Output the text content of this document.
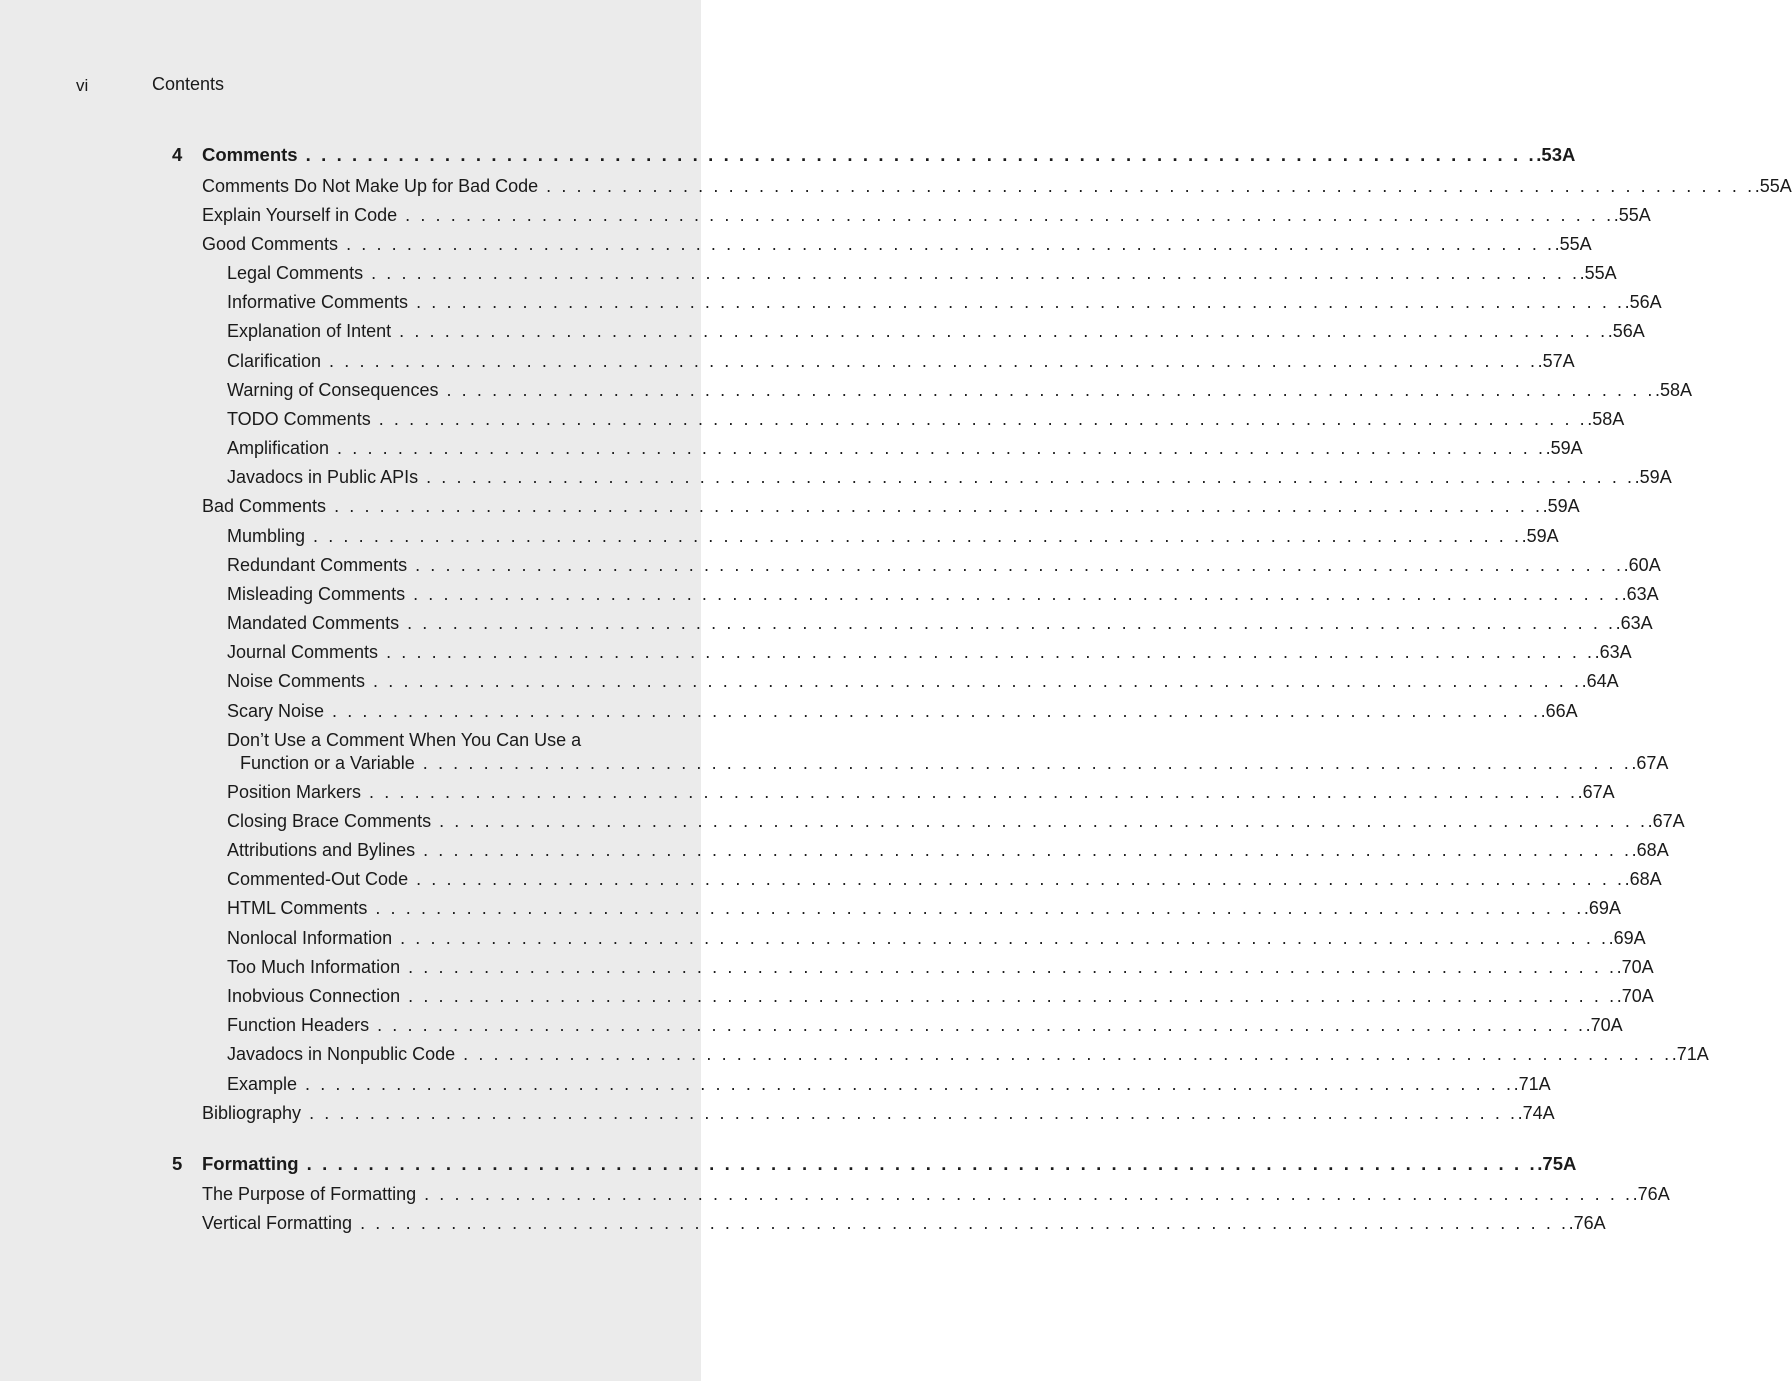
vi	Contents
4 Comments . . . . . . . . . . . . . . . . . . . . . . . . . . . . . . . . . . . . . . . . . . . . . . . . . . . . . . . . . . . . . . . . . . . . . . . . . . . . . . . . .53A
Comments Do Not Make Up for Bad Code . . . . . . . . . . . . . . . . . . . . . . . . . . . . . . . . . . . . . . . . . . . . . . . . . . . . . . . . . . . . . . . . . . . . . . . . . . . . . . . . .55A
Explain Yourself in Code . . . . . . . . . . . . . . . . . . . . . . . . . . . . . . . . . . . . . . . . . . . . . . . . . . . . . . . . . . . . . . . . . . . . . . . . . . . . . . . . .55A
Good Comments . . . . . . . . . . . . . . . . . . . . . . . . . . . . . . . . . . . . . . . . . . . . . . . . . . . . . . . . . . . . . . . . . . . . . . . . . . . . . . . . .55A
Legal Comments . . . . . . . . . . . . . . . . . . . . . . . . . . . . . . . . . . . . . . . . . . . . . . . . . . . . . . . . . . . . . . . . . . . . . . . . . . . . . . . . .55A
Informative Comments . . . . . . . . . . . . . . . . . . . . . . . . . . . . . . . . . . . . . . . . . . . . . . . . . . . . . . . . . . . . . . . . . . . . . . . . . . . . . . . . .56A
Explanation of Intent . . . . . . . . . . . . . . . . . . . . . . . . . . . . . . . . . . . . . . . . . . . . . . . . . . . . . . . . . . . . . . . . . . . . . . . . . . . . . . . . .56A
Clarification . . . . . . . . . . . . . . . . . . . . . . . . . . . . . . . . . . . . . . . . . . . . . . . . . . . . . . . . . . . . . . . . . . . . . . . . . . . . . . . . .57A
Warning of Consequences . . . . . . . . . . . . . . . . . . . . . . . . . . . . . . . . . . . . . . . . . . . . . . . . . . . . . . . . . . . . . . . . . . . . . . . . . . . . . . . . .58A
TODO Comments . . . . . . . . . . . . . . . . . . . . . . . . . . . . . . . . . . . . . . . . . . . . . . . . . . . . . . . . . . . . . . . . . . . . . . . . . . . . . . . . .58A
Amplification . . . . . . . . . . . . . . . . . . . . . . . . . . . . . . . . . . . . . . . . . . . . . . . . . . . . . . . . . . . . . . . . . . . . . . . . . . . . . . . . .59A
Javadocs in Public APIs . . . . . . . . . . . . . . . . . . . . . . . . . . . . . . . . . . . . . . . . . . . . . . . . . . . . . . . . . . . . . . . . . . . . . . . . . . . . . . . . .59A
Bad Comments . . . . . . . . . . . . . . . . . . . . . . . . . . . . . . . . . . . . . . . . . . . . . . . . . . . . . . . . . . . . . . . . . . . . . . . . . . . . . . . . .59A
Mumbling . . . . . . . . . . . . . . . . . . . . . . . . . . . . . . . . . . . . . . . . . . . . . . . . . . . . . . . . . . . . . . . . . . . . . . . . . . . . . . . . .59A
Redundant Comments . . . . . . . . . . . . . . . . . . . . . . . . . . . . . . . . . . . . . . . . . . . . . . . . . . . . . . . . . . . . . . . . . . . . . . . . . . . . . . . . .60A
Misleading Comments . . . . . . . . . . . . . . . . . . . . . . . . . . . . . . . . . . . . . . . . . . . . . . . . . . . . . . . . . . . . . . . . . . . . . . . . . . . . . . . . .63A
Mandated Comments . . . . . . . . . . . . . . . . . . . . . . . . . . . . . . . . . . . . . . . . . . . . . . . . . . . . . . . . . . . . . . . . . . . . . . . . . . . . . . . . .63A
Journal Comments . . . . . . . . . . . . . . . . . . . . . . . . . . . . . . . . . . . . . . . . . . . . . . . . . . . . . . . . . . . . . . . . . . . . . . . . . . . . . . . . .63A
Noise Comments . . . . . . . . . . . . . . . . . . . . . . . . . . . . . . . . . . . . . . . . . . . . . . . . . . . . . . . . . . . . . . . . . . . . . . . . . . . . . . . . .64A
Scary Noise . . . . . . . . . . . . . . . . . . . . . . . . . . . . . . . . . . . . . . . . . . . . . . . . . . . . . . . . . . . . . . . . . . . . . . . . . . . . . . . . .66A
Don’t Use a Comment When You Can Use a
Function or a Variable . . . . . . . . . . . . . . . . . . . . . . . . . . . . . . . . . . . . . . . . . . . . . . . . . . . . . . . . . . . . . . . . . . . . . . . . . . . . . . . . .67A
Position Markers . . . . . . . . . . . . . . . . . . . . . . . . . . . . . . . . . . . . . . . . . . . . . . . . . . . . . . . . . . . . . . . . . . . . . . . . . . . . . . . . .67A
Closing Brace Comments . . . . . . . . . . . . . . . . . . . . . . . . . . . . . . . . . . . . . . . . . . . . . . . . . . . . . . . . . . . . . . . . . . . . . . . . . . . . . . . . .67A
Attributions and Bylines . . . . . . . . . . . . . . . . . . . . . . . . . . . . . . . . . . . . . . . . . . . . . . . . . . . . . . . . . . . . . . . . . . . . . . . . . . . . . . . . .68A
Commented-Out Code . . . . . . . . . . . . . . . . . . . . . . . . . . . . . . . . . . . . . . . . . . . . . . . . . . . . . . . . . . . . . . . . . . . . . . . . . . . . . . . . .68A
HTML Comments . . . . . . . . . . . . . . . . . . . . . . . . . . . . . . . . . . . . . . . . . . . . . . . . . . . . . . . . . . . . . . . . . . . . . . . . . . . . . . . . .69A
Nonlocal Information . . . . . . . . . . . . . . . . . . . . . . . . . . . . . . . . . . . . . . . . . . . . . . . . . . . . . . . . . . . . . . . . . . . . . . . . . . . . . . . . .69A
Too Much Information . . . . . . . . . . . . . . . . . . . . . . . . . . . . . . . . . . . . . . . . . . . . . . . . . . . . . . . . . . . . . . . . . . . . . . . . . . . . . . . . .70A
Inobvious Connection . . . . . . . . . . . . . . . . . . . . . . . . . . . . . . . . . . . . . . . . . . . . . . . . . . . . . . . . . . . . . . . . . . . . . . . . . . . . . . . . .70A
Function Headers . . . . . . . . . . . . . . . . . . . . . . . . . . . . . . . . . . . . . . . . . . . . . . . . . . . . . . . . . . . . . . . . . . . . . . . . . . . . . . . . .70A
Javadocs in Nonpublic Code . . . . . . . . . . . . . . . . . . . . . . . . . . . . . . . . . . . . . . . . . . . . . . . . . . . . . . . . . . . . . . . . . . . . . . . . . . . . . . . . .71A
Example . . . . . . . . . . . . . . . . . . . . . . . . . . . . . . . . . . . . . . . . . . . . . . . . . . . . . . . . . . . . . . . . . . . . . . . . . . . . . . . . .71A
Bibliography . . . . . . . . . . . . . . . . . . . . . . . . . . . . . . . . . . . . . . . . . . . . . . . . . . . . . . . . . . . . . . . . . . . . . . . . . . . . . . . . .74A
5 Formatting . . . . . . . . . . . . . . . . . . . . . . . . . . . . . . . . . . . . . . . . . . . . . . . . . . . . . . . . . . . . . . . . . . . . . . . . . . . . . . . . .75A
The Purpose of Formatting . . . . . . . . . . . . . . . . . . . . . . . . . . . . . . . . . . . . . . . . . . . . . . . . . . . . . . . . . . . . . . . . . . . . . . . . . . . . . . . . .76A
Vertical Formatting . . . . . . . . . . . . . . . . . . . . . . . . . . . . . . . . . . . . . . . . . . . . . . . . . . . . . . . . . . . . . . . . . . . . . . . . . . . . . . . . .76A
